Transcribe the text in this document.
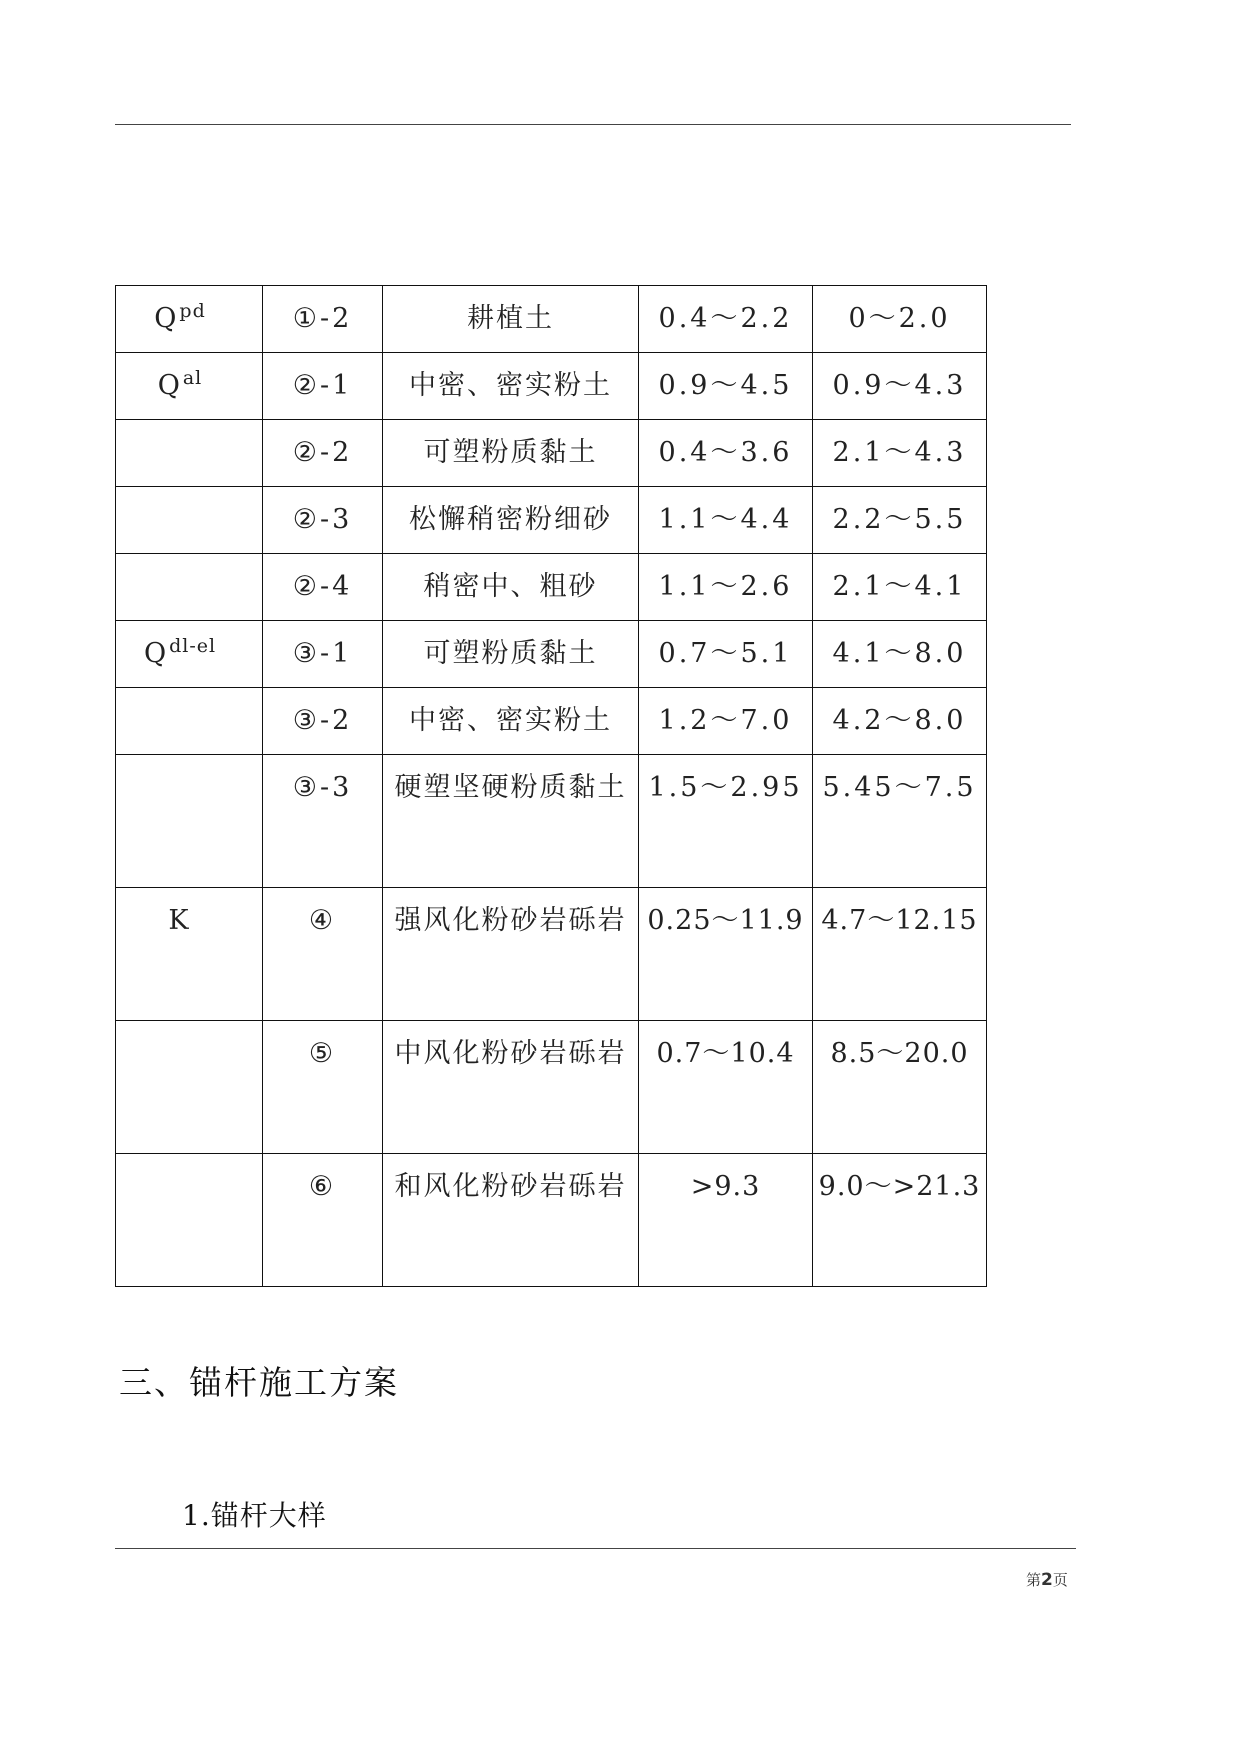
Q $^{pd}$	①-2	耕植土	0.4～2.2	0～2.0
Q $^{al}$	②-1	中密、密实粉土	0.9～4.5	0.9～4.3
	②-2	可塑粉质黏土	0.4～3.6	2.1～4.3
	②-3	松懈稍密粉细砂	1.1～4.4	2.2～5.5
	②-4	稍密中、粗砂	1.1～2.6	2.1～4.1
Q $^{dl-el}$	③-1	可塑粉质黏土	0.7～5.1	4.1～8.0
	③-2	中密、密实粉土	1.2～7.0	4.2～8.0
	③-3	硬塑坚硬粉质黏土	1.5～2.95	5.45～7.5
K	④	强风化粉砂岩砾岩	0.25～11.9	4.7～12.15
	⑤	中风化粉砂岩砾岩	0.7～10.4	8.5～20.0
	⑥	和风化粉砂岩砾岩	>9.3	9.0～>21.3
三、锚杆施工方案
1.锚杆大样
第2页
